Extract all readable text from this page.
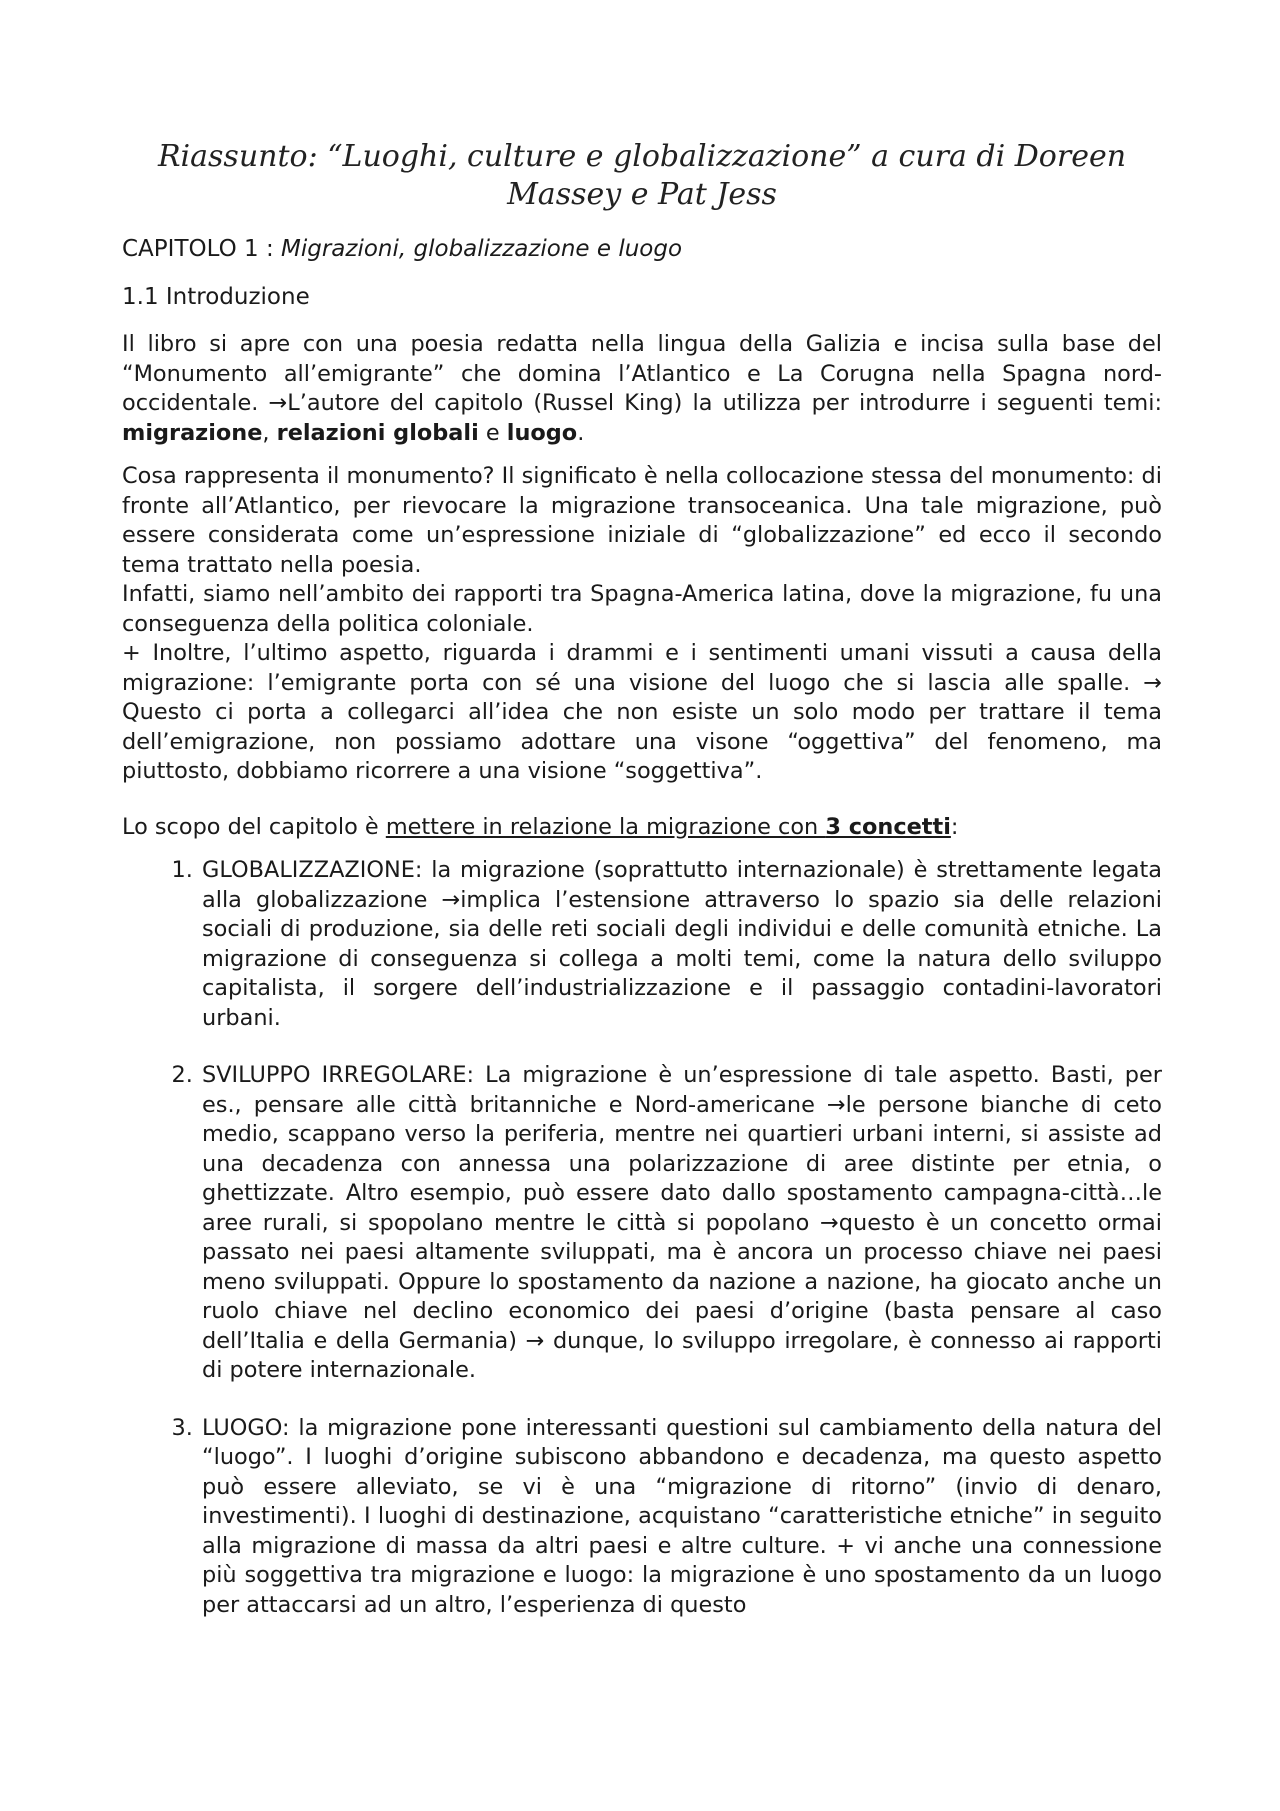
Riassunto: “Luoghi, culture e globalizzazione” a cura di Doreen Massey e Pat Jess
CAPITOLO 1 : Migrazioni, globalizzazione e luogo
1.1 Introduzione

Il libro si apre con una poesia redatta nella lingua della Galizia e incisa sulla base del “Monumento all’emigrante” che domina l’Atlantico e La Corugna nella Spagna nord-occidentale. →L’autore del capitolo (Russel King) la utilizza per introdurre i seguenti temi: migrazione, relazioni globali e luogo.

Cosa rappresenta il monumento? Il significato è nella collocazione stessa del monumento: di fronte all’Atlantico, per rievocare la migrazione transoceanica. Una tale migrazione, può essere considerata come un’espressione iniziale di “globalizzazione” ed ecco il secondo tema trattato nella poesia.

Infatti, siamo nell’ambito dei rapporti tra Spagna-America latina, dove la migrazione, fu una conseguenza della politica coloniale.

+ Inoltre, l’ultimo aspetto, riguarda i drammi e i sentimenti umani vissuti a causa della migrazione: l’emigrante porta con sé una visione del luogo che si lascia alle spalle. → Questo ci porta a collegarci all’idea che non esiste un solo modo per trattare il tema dell’emigrazione, non possiamo adottare una visone “oggettiva” del fenomeno, ma piuttosto, dobbiamo ricorrere a una visione “soggettiva”.

Lo scopo del capitolo è mettere in relazione la migrazione con 3 concetti:

1. GLOBALIZZAZIONE: la migrazione (soprattutto internazionale) è strettamente legata alla globalizzazione →implica l’estensione attraverso lo spazio sia delle relazioni sociali di produzione, sia delle reti sociali degli individui e delle comunità etniche. La migrazione di conseguenza si collega a molti temi, come la natura dello sviluppo capitalista, il sorgere dell’industrializzazione e il passaggio contadini-lavoratori urbani.
2. SVILUPPO IRREGOLARE: La migrazione è un’espressione di tale aspetto. Basti, per es., pensare alle città britanniche e Nord-americane →le persone bianche di ceto medio, scappano verso la periferia, mentre nei quartieri urbani interni, si assiste ad una decadenza con annessa una polarizzazione di aree distinte per etnia, o ghettizzate. Altro esempio, può essere dato dallo spostamento campagna-città…le aree rurali, si spopolano mentre le città si popolano →questo è un concetto ormai passato nei paesi altamente sviluppati, ma è ancora un processo chiave nei paesi meno sviluppati. Oppure lo spostamento da nazione a nazione, ha giocato anche un ruolo chiave nel declino economico dei paesi d’origine (basta pensare al caso dell’Italia e della Germania) → dunque, lo sviluppo irregolare, è connesso ai rapporti di potere internazionale.
3. LUOGO: la migrazione pone interessanti questioni sul cambiamento della natura del “luogo”. I luoghi d’origine subiscono abbandono e decadenza, ma questo aspetto può essere alleviato, se vi è una “migrazione di ritorno” (invio di denaro, investimenti). I luoghi di destinazione, acquistano “caratteristiche etniche” in seguito alla migrazione di massa da altri paesi e altre culture. + vi anche una connessione più soggettiva tra migrazione e luogo: la migrazione è uno spostamento da un luogo per attaccarsi ad un altro, l’esperienza di questo
